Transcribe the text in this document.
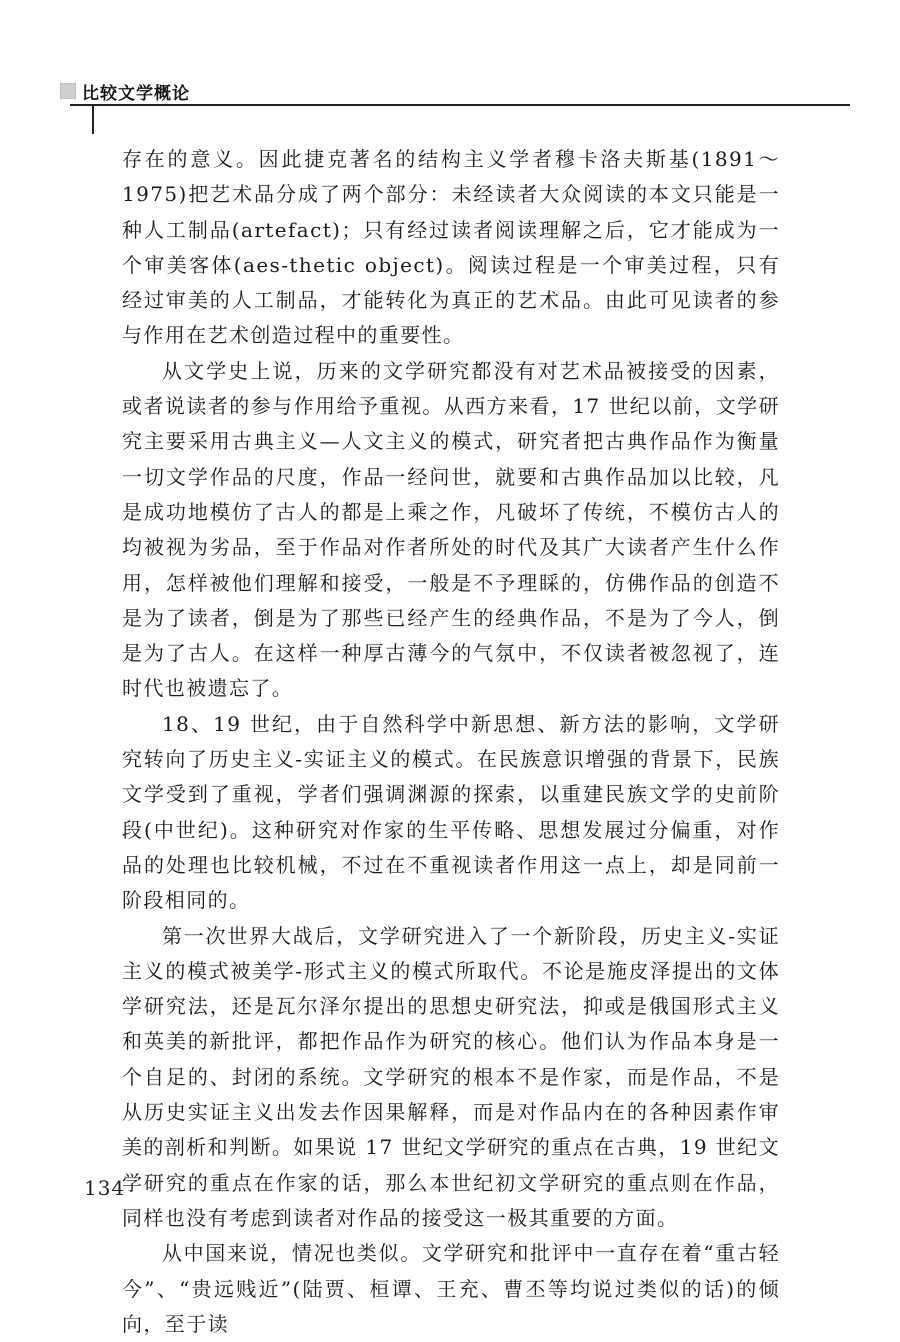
比较文学概论

存在的意义。因此捷克著名的结构主义学者穆卡洛夫斯基(1891～1975)把艺术品分成了两个部分：未经读者大众阅读的本文只能是一种人工制品(artefact)；只有经过读者阅读理解之后，它才能成为一个审美客体(aes-thetic object)。阅读过程是一个审美过程，只有经过审美的人工制品，才能转化为真正的艺术品。由此可见读者的参与作用在艺术创造过程中的重要性。

从文学史上说，历来的文学研究都没有对艺术品被接受的因素，或者说读者的参与作用给予重视。从西方来看，17 世纪以前，文学研究主要采用古典主义—人文主义的模式，研究者把古典作品作为衡量一切文学作品的尺度，作品一经问世，就要和古典作品加以比较，凡是成功地模仿了古人的都是上乘之作，凡破坏了传统，不模仿古人的均被视为劣品，至于作品对作者所处的时代及其广大读者产生什么作用，怎样被他们理解和接受，一般是不予理睬的，仿佛作品的创造不是为了读者，倒是为了那些已经产生的经典作品，不是为了今人，倒是为了古人。在这样一种厚古薄今的气氛中，不仅读者被忽视了，连时代也被遗忘了。

18、19 世纪，由于自然科学中新思想、新方法的影响，文学研究转向了历史主义-实证主义的模式。在民族意识增强的背景下，民族文学受到了重视，学者们强调渊源的探索，以重建民族文学的史前阶段(中世纪)。这种研究对作家的生平传略、思想发展过分偏重，对作品的处理也比较机械，不过在不重视读者作用这一点上，却是同前一阶段相同的。

第一次世界大战后，文学研究进入了一个新阶段，历史主义-实证主义的模式被美学-形式主义的模式所取代。不论是施皮泽提出的文体学研究法，还是瓦尔泽尔提出的思想史研究法，抑或是俄国形式主义和英美的新批评，都把作品作为研究的核心。他们认为作品本身是一个自足的、封闭的系统。文学研究的根本不是作家，而是作品，不是从历史实证主义出发去作因果解释，而是对作品内在的各种因素作审美的剖析和判断。如果说 17 世纪文学研究的重点在古典，19 世纪文学研究的重点在作家的话，那么本世纪初文学研究的重点则在作品，同样也没有考虑到读者对作品的接受这一极其重要的方面。

从中国来说，情况也类似。文学研究和批评中一直存在着“重古轻今”、“贵远贱近”(陆贾、桓谭、王充、曹丕等均说过类似的话)的倾向，至于读

134
